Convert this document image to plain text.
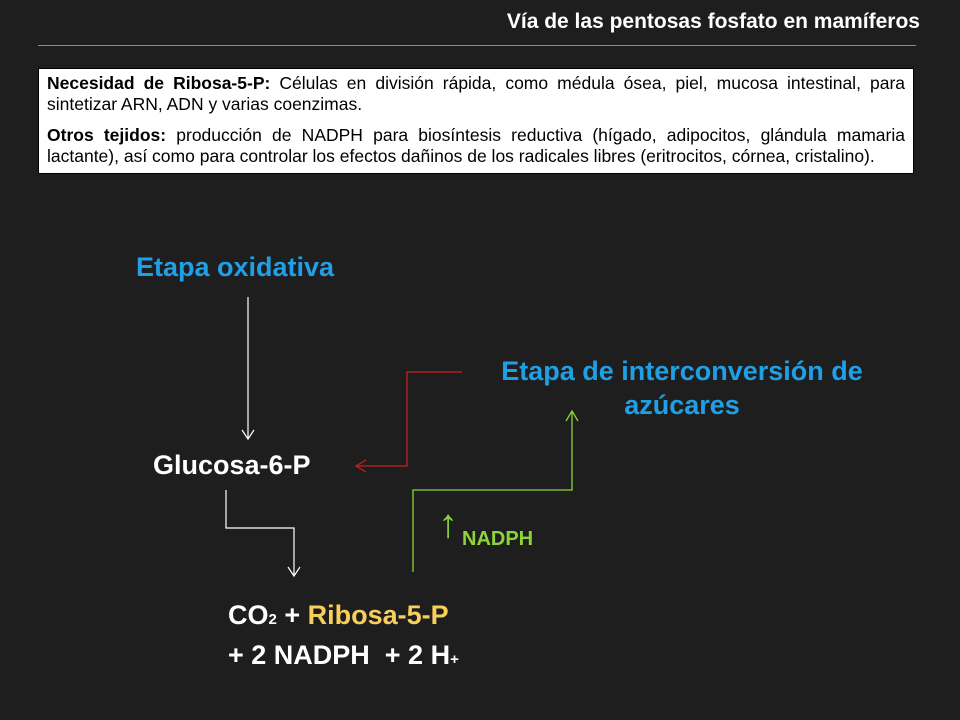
Vía de las pentosas fosfato en mamíferos

Necesidad de Ribosa-5-P: Células en división rápida, como médula ósea, piel, mucosa intestinal, para sintetizar ARN, ADN y varias coenzimas.

Otros tejidos: producción de NADPH para biosíntesis reductiva (hígado, adipocitos, glándula mamaria lactante), así como para controlar los efectos dañinos de los radicales libres (eritrocitos, córnea, cristalino).

Etapa oxidativa
Etapa de interconversión de
azúcares
Glucosa-6-P
↑ NADPH
CO2 + Ribosa-5-P
+ 2 NADPH  + 2 H+
